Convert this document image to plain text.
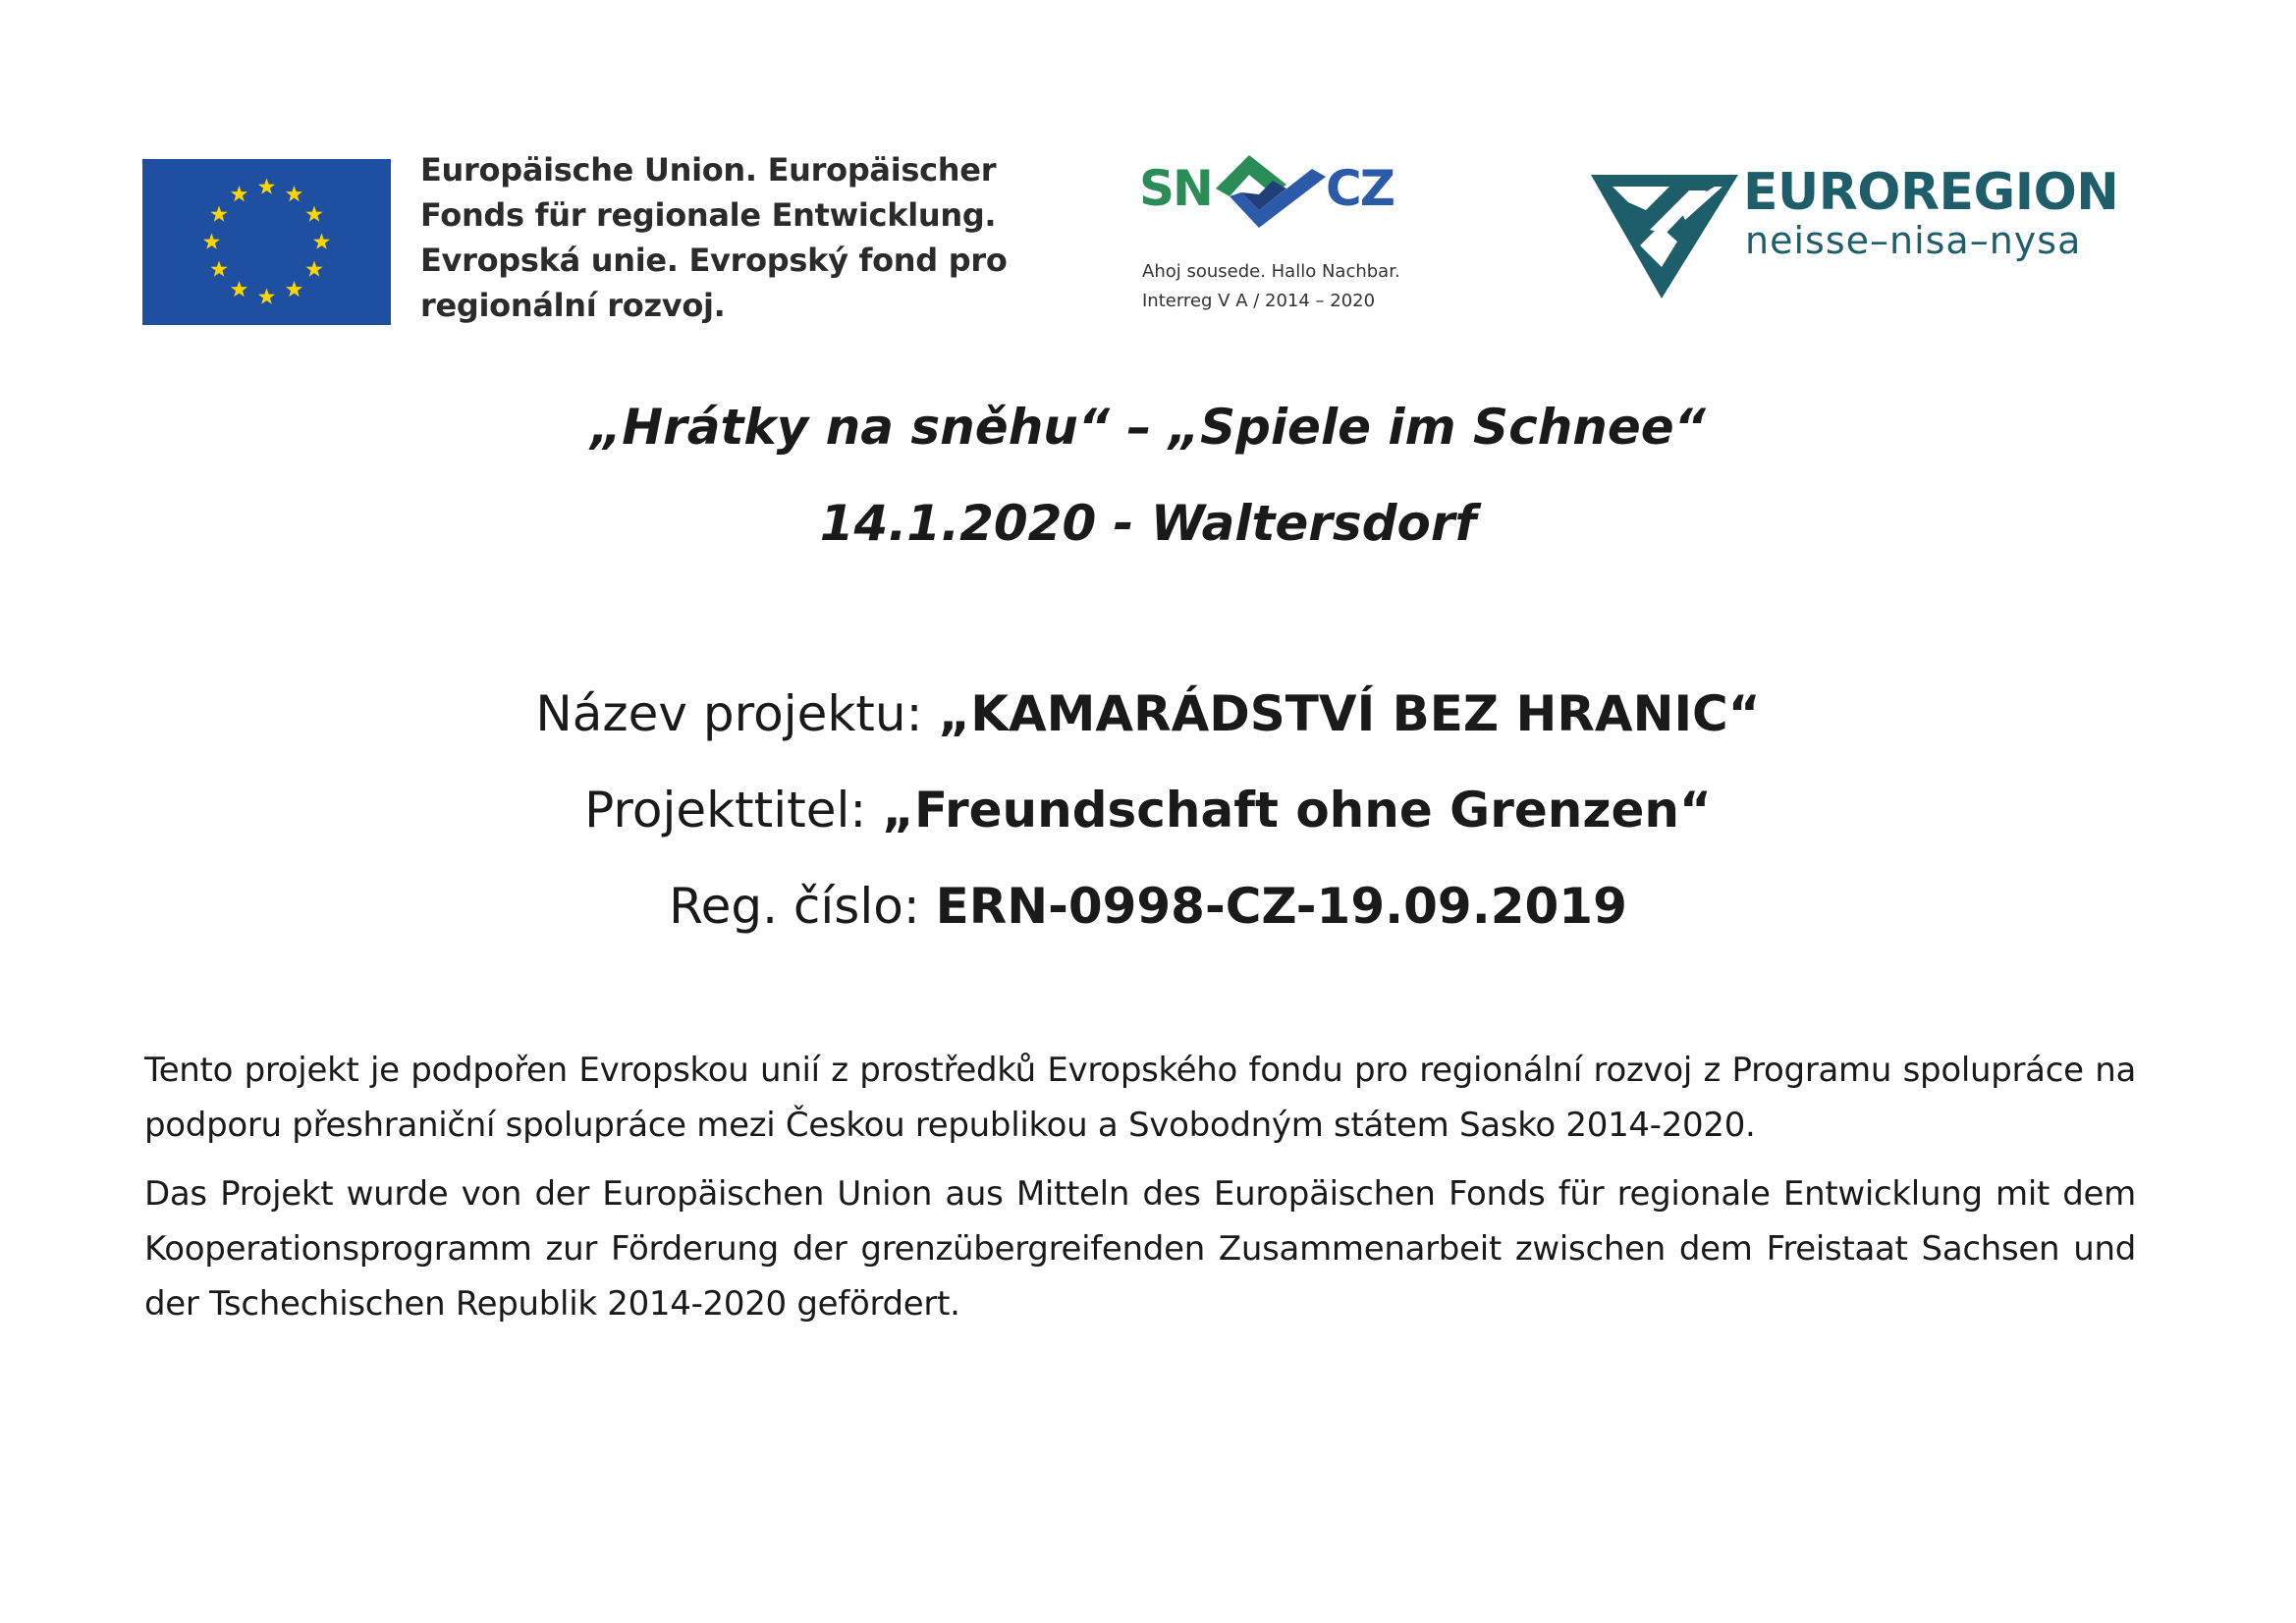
Europäische Union. Europäischer
Fonds für regionale Entwicklung.
Evropská unie. Evropský fond pro
regionální rozvoj.
SN CZ
Ahoj sousede. Hallo Nachbar.
Interreg V A / 2014 – 2020
EUROREGION
neisse–nisa–nysa
„Hrátky na sněhu“ – „Spiele im Schnee“
14.1.2020 - Waltersdorf
Název projektu: „KAMARÁDSTVÍ BEZ HRANIC“
Projekttitel: „Freundschaft ohne Grenzen“
Reg. číslo: ERN-0998-CZ-19.09.2019
Tento projekt je podpořen Evropskou unií z prostředků Evropského fondu pro regionální rozvoj z Programu spolupráce na podporu přeshraniční spolupráce mezi Českou republikou a Svobodným státem Sasko 2014-2020.
Das Projekt wurde von der Europäischen Union aus Mitteln des Europäischen Fonds für regionale Entwicklung mit dem Kooperationsprogramm zur Förderung der grenzübergreifenden Zusammenarbeit zwischen dem Freistaat Sachsen und der Tschechischen Republik 2014-2020 gefördert.
